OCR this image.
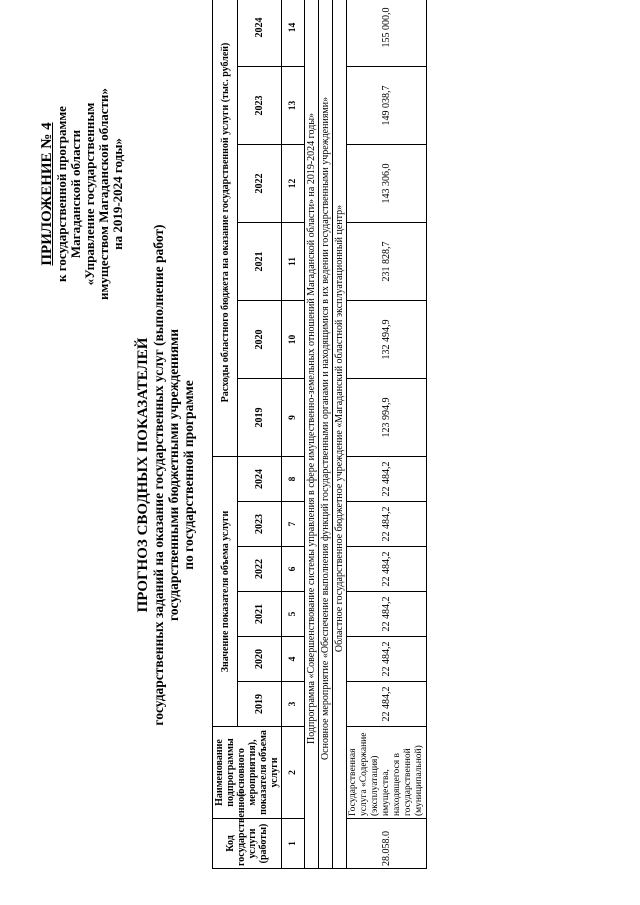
ПРИЛОЖЕНИЕ № 4 к государственной программе Магаданской области «Управление государственным имуществом Магаданской области» на 2019-2024 годы»
ПРОГНОЗ СВОДНЫХ ПОКАЗАТЕЛЕЙ государственных заданий на оказание государственных услуг (выполнение работ) государственными бюджетными учреждениями по государственной программе
Код государственной услуги (работы)	Наименование подпрограммы (основного мероприятия), показателя объема услуги	Значение показателя объема услуги						Расходы областного бюджета на оказание государственной услуги (тыс. рублей)					
		2019	2020	2021	2022	2023	2024	2019	2020	2021	2022	2023	2024
1	2	3	4	5	6	7	8	9	10	11	12	13	14
Подпрограмма «Совершенствование системы управления в сфере имущественно-земельных отношений Магаданской области» на 2019-2024 годы»													
Основное мероприятие «Обеспечение выполнения функций государственными органами и находящимися в их ведении государственными учреждениями»													
Областное государственное бюджетное учреждение «Магаданский областной эксплуатационный центр»													
28.058.0	Государственная услуга «Содержание (эксплуатация) имущества, находящегося в государственной (муниципальной)	22 484,2	22 484,2	22 484,2	22 484,2	22 484,2	22 484,2	123 994,9	132 494,9	231 828,7	143 306,0	149 038,7	155 000,0
